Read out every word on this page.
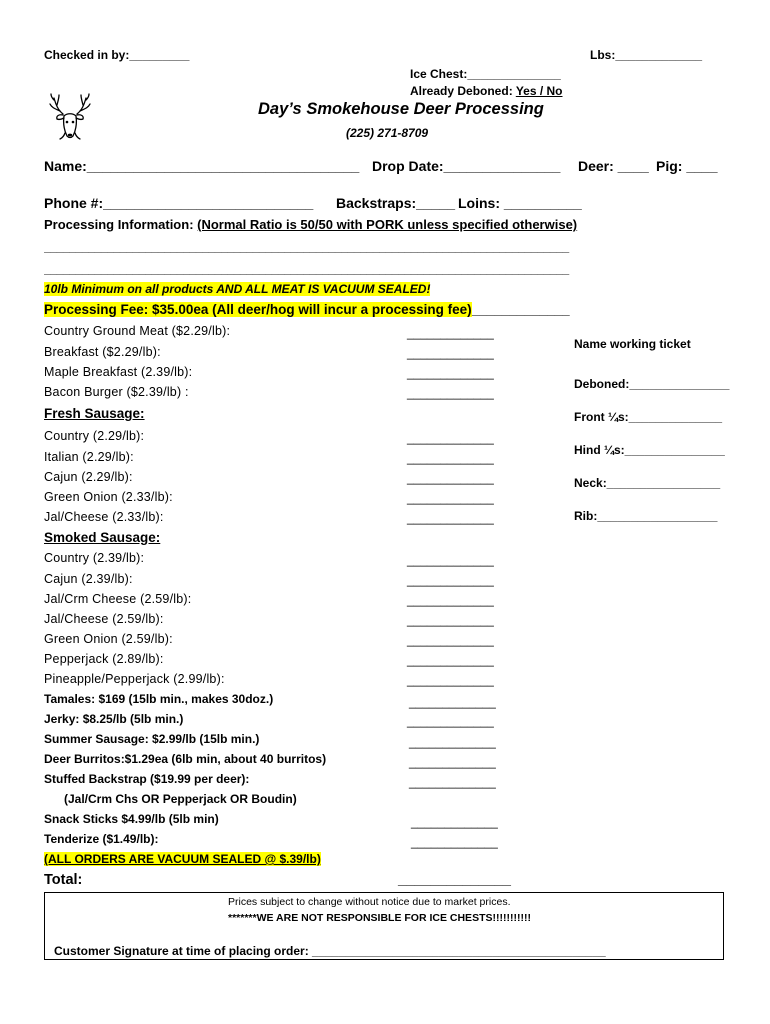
Checked in by:_________	Lbs:_____________
Ice Chest:______________
Already Deboned: Yes / No
Day’s Smokehouse Deer Processing
(225) 271-8709
Name:___________________________________ Drop Date:_______________ Deer: ____ Pig: ____
Phone #:___________________________ Backstraps:_____ Loins: __________
Processing Information: (Normal Ratio is 50/50 with PORK unless specified otherwise)
___________________________________________________________________________________
___________________________________________________________________________________
10lb Minimum on all products AND ALL MEAT IS VACUUM SEALED!
Processing Fee: $35.00ea (All deer/hog will incur a processing fee) _____________
Country Ground Meat ($2.29/lb):
Breakfast ($2.29/lb):
Maple Breakfast (2.39/lb):
Bacon Burger ($2.39/lb) :
Fresh Sausage:
Country (2.29/lb):
Italian (2.29/lb):
Cajun (2.29/lb):
Green Onion (2.33/lb):
Jal/Cheese (2.33/lb):
Smoked Sausage:
Country (2.39/lb):
Cajun (2.39/lb):
Jal/Crm Cheese (2.59/lb):
Jal/Cheese (2.59/lb):
Green Onion (2.59/lb):
Pepperjack (2.89/lb):
Pineapple/Pepperjack (2.99/lb):
Tamales: $169 (15lb min., makes 30doz.)
Jerky: $8.25/lb (5lb min.)
Summer Sausage: $2.99/lb (15lb min.)
Deer Burritos:$1.29ea (6lb min, about 40 burritos)
Stuffed Backstrap ($19.99 per deer):
(Jal/Crm Chs OR Pepperjack OR Boudin)
Snack Sticks $4.99/lb (5lb min)
Tenderize ($1.49/lb):
(ALL ORDERS ARE VACUUM SEALED @ $.39/lb)
Total:	______________
_____________
_____________
_____________
_____________
_____________
_____________
_____________
_____________
_____________
_____________
_____________
_____________
_____________
_____________
_____________
_____________
_____________
_____________
_____________
_____________
_____________
_____________
_____________
Name working ticket
Deboned:_______________
Front ¼s:______________
Hind ¼s:_______________
Neck:_________________
Rib:__________________
Prices subject to change without notice due to market prices.
*******WE ARE NOT RESPONSIBLE FOR ICE CHESTS!!!!!!!!!!!
Customer Signature at time of placing order: ____________________________________________
